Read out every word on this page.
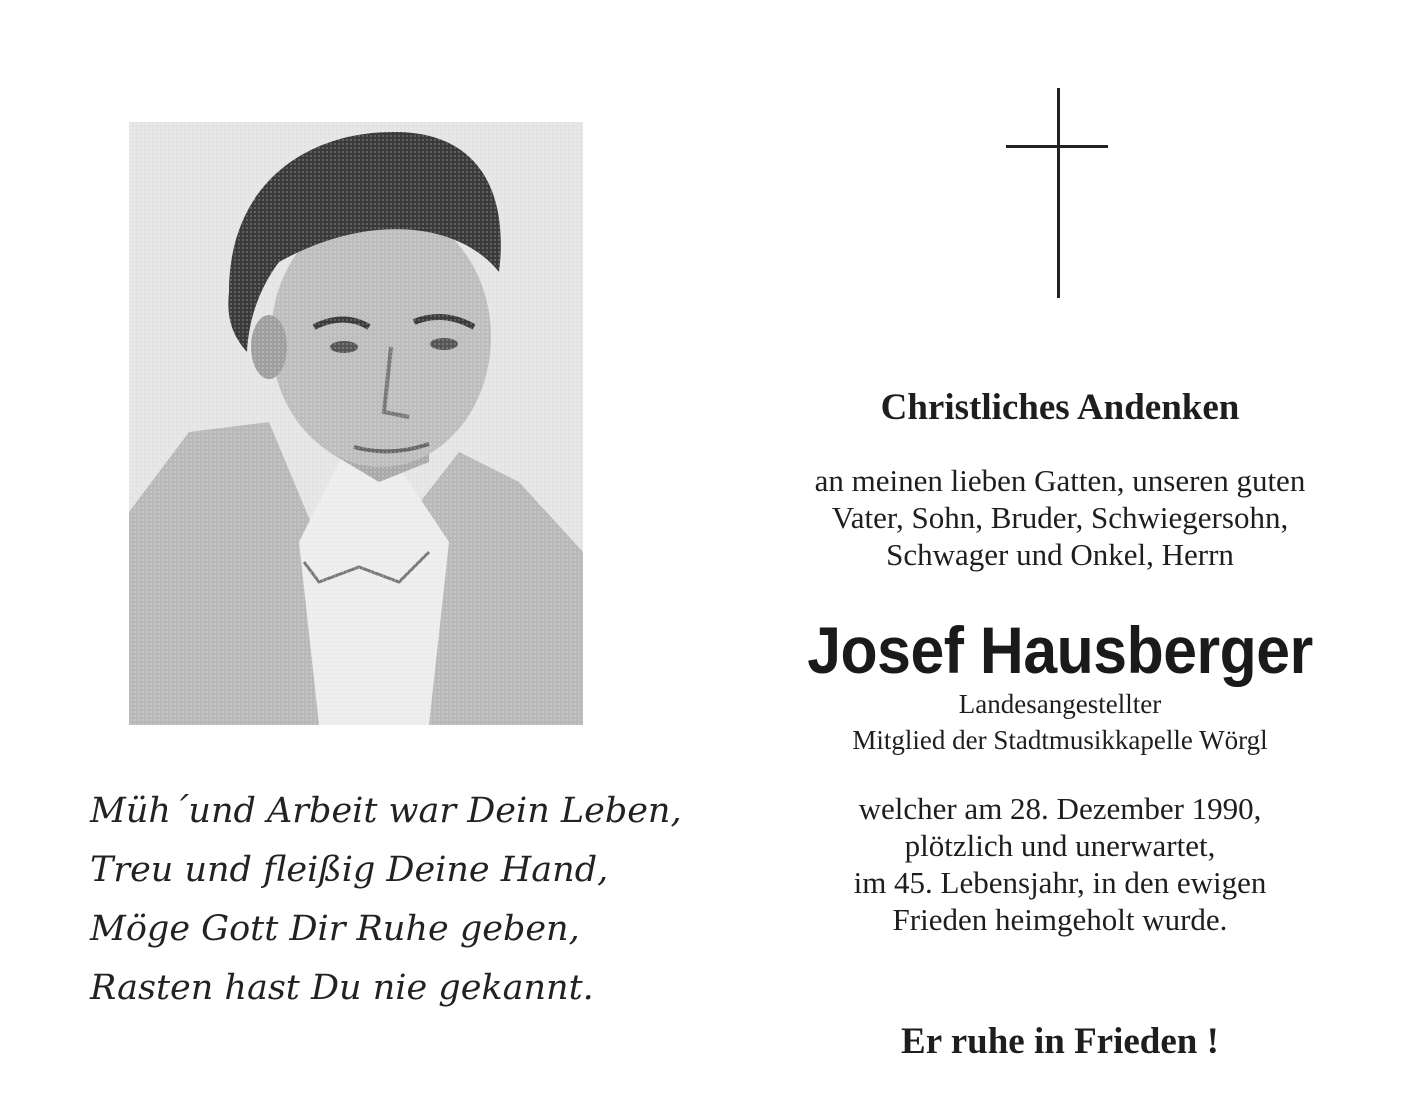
Müh´und Arbeit war Dein Leben,
Treu und fleißig Deine Hand,
Möge Gott Dir Ruhe geben,
Rasten hast Du nie gekannt.
Christliches Andenken
an meinen lieben Gatten, unseren guten
Vater, Sohn, Bruder, Schwiegersohn,
Schwager und Onkel, Herrn
Josef Hausberger
Landesangestellter
Mitglied der Stadtmusikkapelle Wörgl
welcher am 28. Dezember 1990,
plötzlich und unerwartet,
im 45. Lebensjahr, in den ewigen
Frieden heimgeholt wurde.
Er ruhe in Frieden !
